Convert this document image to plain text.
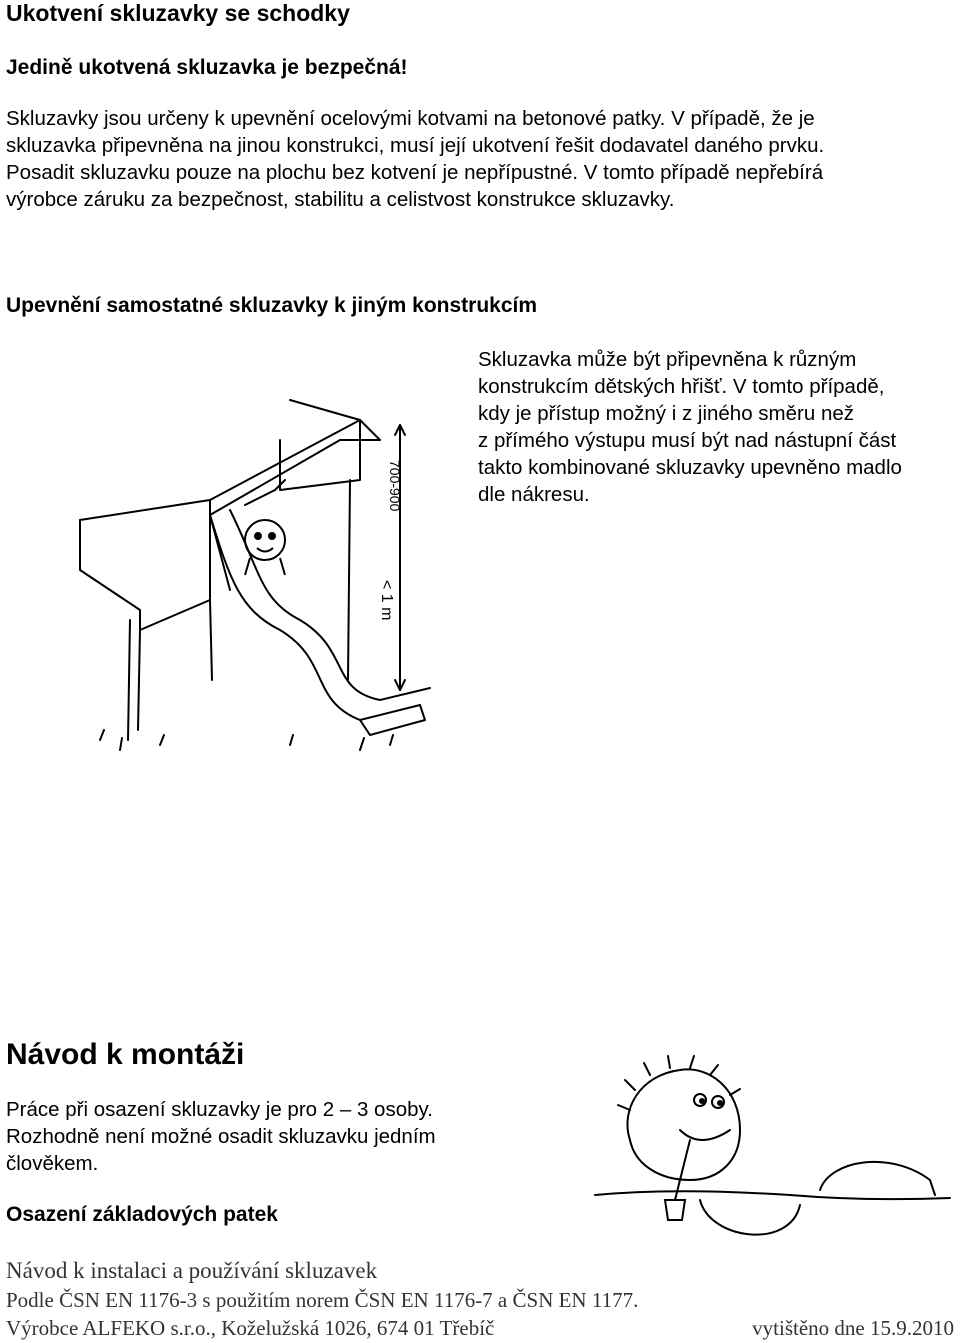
Ukotvení skluzavky se schodky
Jedině ukotvená skluzavka je bezpečná!
Skluzavky jsou určeny k upevnění ocelovými kotvami na betonové patky. V případě, že je
skluzavka připevněna na jinou konstrukci, musí její ukotvení řešit dodavatel daného prvku.
Posadit skluzavku pouze na plochu bez kotvení je nepřípustné. V tomto případě nepřebírá
výrobce záruku za bezpečnost, stabilitu a celistvost konstrukce skluzavky.
Upevnění samostatné skluzavky k jiným konstrukcím
Skluzavka může být připevněna k různým
konstrukcím dětských hřišť. V tomto případě,
kdy je přístup možný i z jiného směru než
z přímého výstupu musí být nad nástupní část
takto kombinované skluzavky upevněno madlo
dle nákresu.
700-900
< 1 m
Návod k montáži
Práce při osazení skluzavky je pro 2 – 3 osoby.
Rozhodně není možné osadit skluzavku jedním
člověkem.
Osazení základových patek
Návod k instalaci a používání skluzavek
Podle ČSN EN 1176-3 s použitím norem ČSN EN 1176-7 a ČSN EN 1177.
Výrobce ALFEKO s.r.o., Koželužská 1026, 674 01 Třebíč	vytištěno dne 15.9.2010
